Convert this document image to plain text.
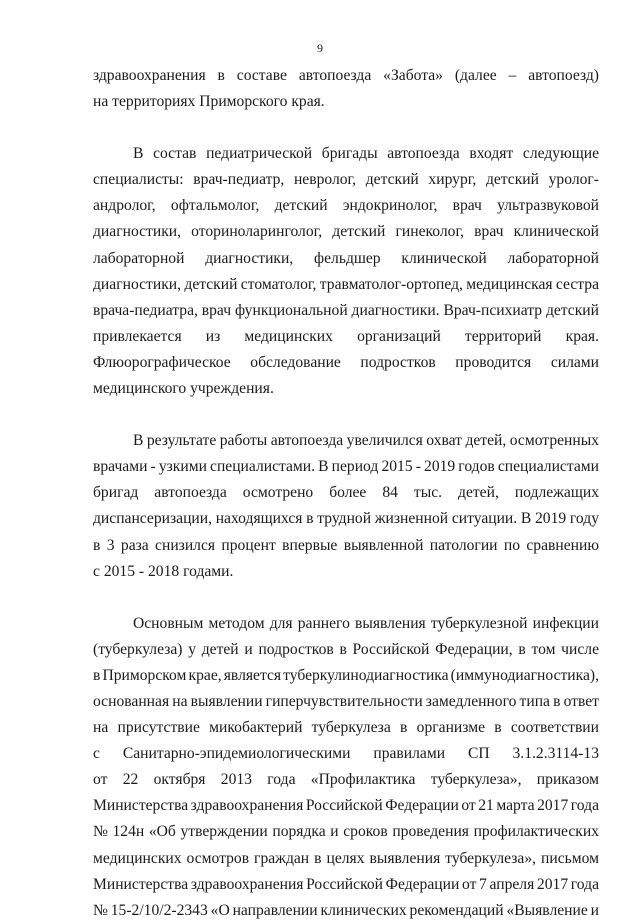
9
здравоохранения в составе автопоезда «Забота» (далее – автопоезд)
на территориях Приморского края.
В состав педиатрической бригады автопоезда входят следующие
специалисты: врач-педиатр, невролог, детский хирург, детский уролог-
андролог, офтальмолог, детский эндокринолог, врач ультразвуковой
диагностики, оториноларинголог, детский гинеколог, врач клинической
лабораторной диагностики, фельдшер клинической лабораторной
диагностики, детский стоматолог, травматолог-ортопед, медицинская сестра
врача-педиатра, врач функциональной диагностики. Врач-психиатр детский
привлекается из медицинских организаций территорий края.
Флюорографическое обследование подростков проводится силами
медицинского учреждения.
В результате работы автопоезда увеличился охват детей, осмотренных
врачами - узкими специалистами. В период 2015 - 2019 годов специалистами
бригад автопоезда осмотрено более 84 тыс. детей, подлежащих
диспансеризации, находящихся в трудной жизненной ситуации. В 2019 году
в 3 раза снизился процент впервые выявленной патологии по сравнению
с 2015 - 2018 годами.
Основным методом для раннего выявления туберкулезной инфекции
(туберкулеза) у детей и подростков в Российской Федерации, в том числе
в Приморском крае, является туберкулинодиагностика (иммунодиагностика),
основанная на выявлении гиперчувствительности замедленного типа в ответ
на присутствие микобактерий туберкулеза в организме в соответствии
с Санитарно-эпидемиологическими правилами СП 3.1.2.3114-13
от 22 октября 2013 года «Профилактика туберкулеза», приказом
Министерства здравоохранения Российской Федерации от 21 марта 2017 года
№ 124н «Об утверждении порядка и сроков проведения профилактических
медицинских осмотров граждан в целях выявления туберкулеза», письмом
Министерства здравоохранения Российской Федерации от 7 апреля 2017 года
№ 15-2/10/2-2343 «О направлении клинических рекомендаций «Выявление и
